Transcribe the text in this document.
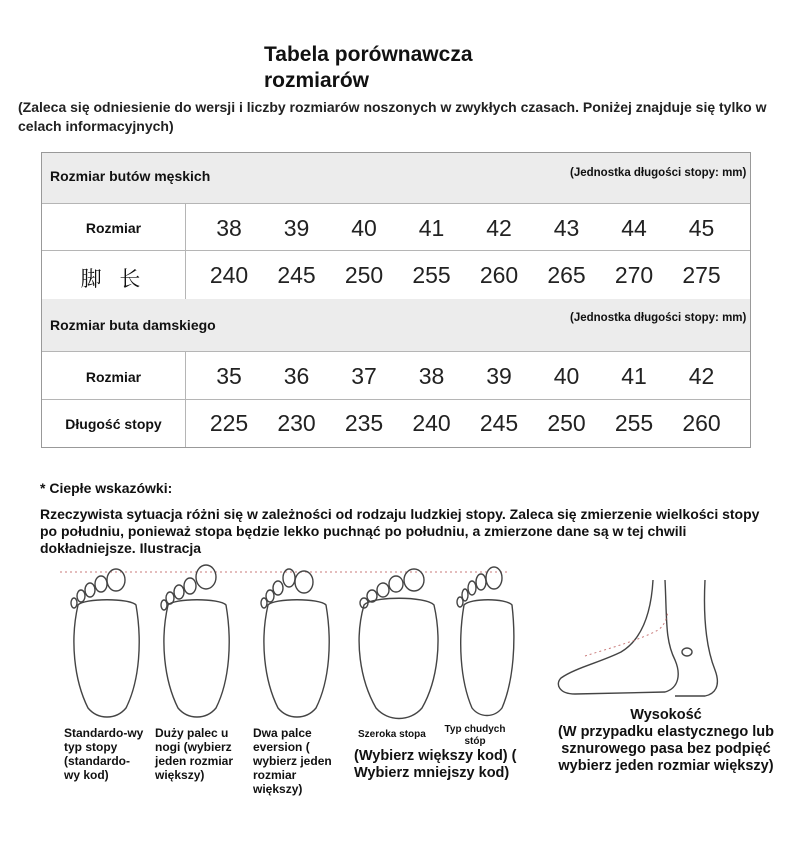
Tabela porównawcza
rozmiarów
(Zaleca się odniesienie do wersji i liczby rozmiarów noszonych w zwykłych czasach. Poniżej znajduje się tylko w celach informacyjnych)
Rozmiar butów męskich	(Jednostka długości stopy: mm)
Rozmiar	38	39	40	41	42	43	44	45
脚 长	240	245	250	255	260	265	270	275
Rozmiar buta damskiego	(Jednostka długości stopy: mm)
Rozmiar	35	36	37	38	39	40	41	42
Długość stopy	225	230	235	240	245	250	255	260
* Ciepłe wskazówki:
Rzeczywista sytuacja różni się w zależności od rodzaju ludzkiej stopy. Zaleca się zmierzenie wielkości stopy po południu, ponieważ stopa będzie lekko puchnąć po południu, a zmierzone dane są w tej chwili dokładniejsze. Ilustracja
Standardo-wy typ stopy (standardo-wy kod)
Duży palec u nogi (wybierz jeden rozmiar większy)
Dwa palce eversion ( wybierz jeden rozmiar większy)
Szeroka stopa Typ chudych stóp
(Wybierz większy kod) ( Wybierz mniejszy kod)
Wysokość
(W przypadku elastycznego lub sznurowego pasa bez podpięć wybierz jeden rozmiar większy)
